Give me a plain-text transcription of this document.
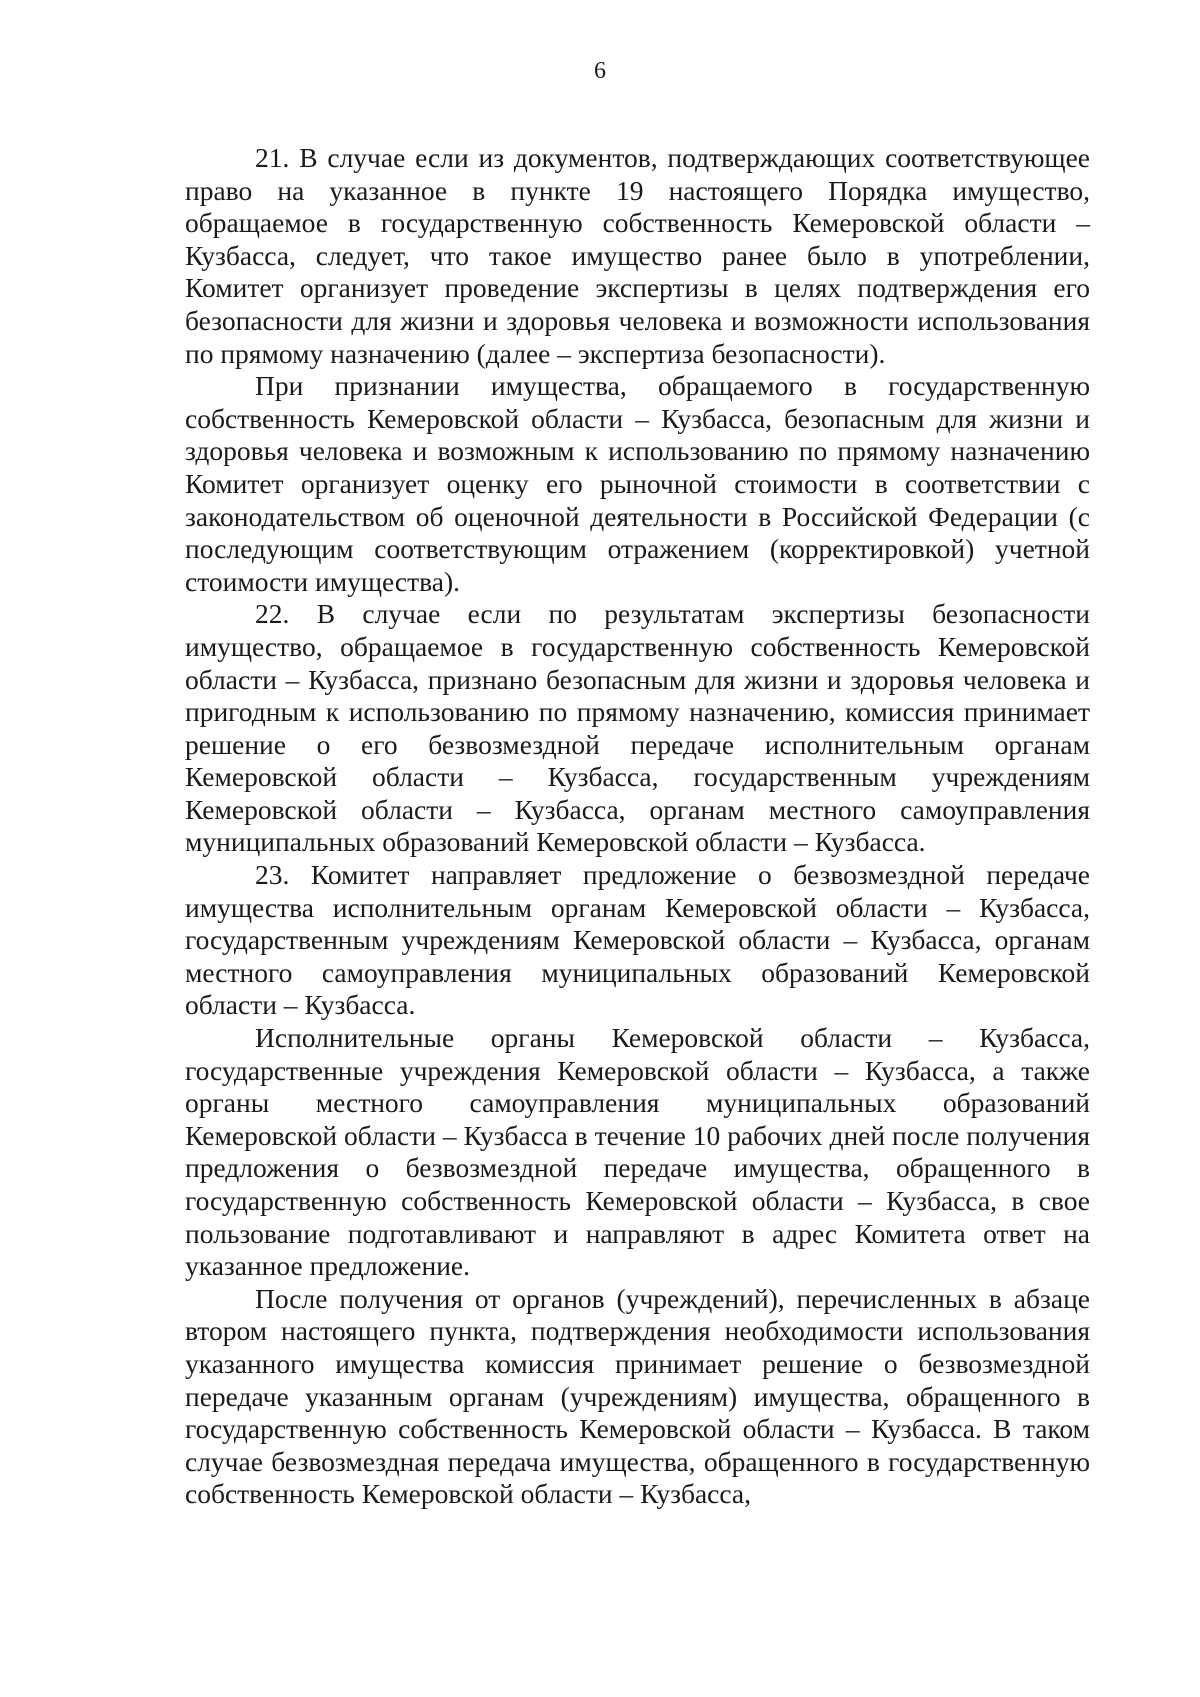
6

21. В случае если из документов, подтверждающих соответствующее право на указанное в пункте 19 настоящего Порядка имущество, обращаемое в государственную собственность Кемеровской области – Кузбасса, следует, что такое имущество ранее было в употреблении, Комитет организует проведение экспертизы в целях подтверждения его безопасности для жизни и здоровья человека и возможности использования по прямому назначению (далее – экспертиза безопасности).

При признании имущества, обращаемого в государственную собственность Кемеровской области – Кузбасса, безопасным для жизни и здоровья человека и возможным к использованию по прямому назначению Комитет организует оценку его рыночной стоимости в соответствии с законодательством об оценочной деятельности в Российской Федерации (с последующим соответствующим отражением (корректировкой) учетной стоимости имущества).

22. В случае если по результатам экспертизы безопасности имущество, обращаемое в государственную собственность Кемеровской области – Кузбасса, признано безопасным для жизни и здоровья человека и пригодным к использованию по прямому назначению, комиссия принимает решение о его безвозмездной передаче исполнительным органам Кемеровской области – Кузбасса, государственным учреждениям Кемеровской области – Кузбасса, органам местного самоуправления муниципальных образований Кемеровской области – Кузбасса.

23. Комитет направляет предложение о безвозмездной передаче имущества исполнительным органам Кемеровской области – Кузбасса, государственным учреждениям Кемеровской области – Кузбасса, органам местного самоуправления муниципальных образований Кемеровской области – Кузбасса.

Исполнительные органы Кемеровской области – Кузбасса, государственные учреждения Кемеровской области – Кузбасса, а также органы местного самоуправления муниципальных образований Кемеровской области – Кузбасса в течение 10 рабочих дней после получения предложения о безвозмездной передаче имущества, обращенного в государственную собственность Кемеровской области – Кузбасса, в свое пользование подготавливают и направляют в адрес Комитета ответ на указанное предложение.

После получения от органов (учреждений), перечисленных в абзаце втором настоящего пункта, подтверждения необходимости использования указанного имущества комиссия принимает решение о безвозмездной передаче указанным органам (учреждениям) имущества, обращенного в государственную собственность Кемеровской области – Кузбасса. В таком случае безвозмездная передача имущества, обращенного в государственную собственность Кемеровской области – Кузбасса,
